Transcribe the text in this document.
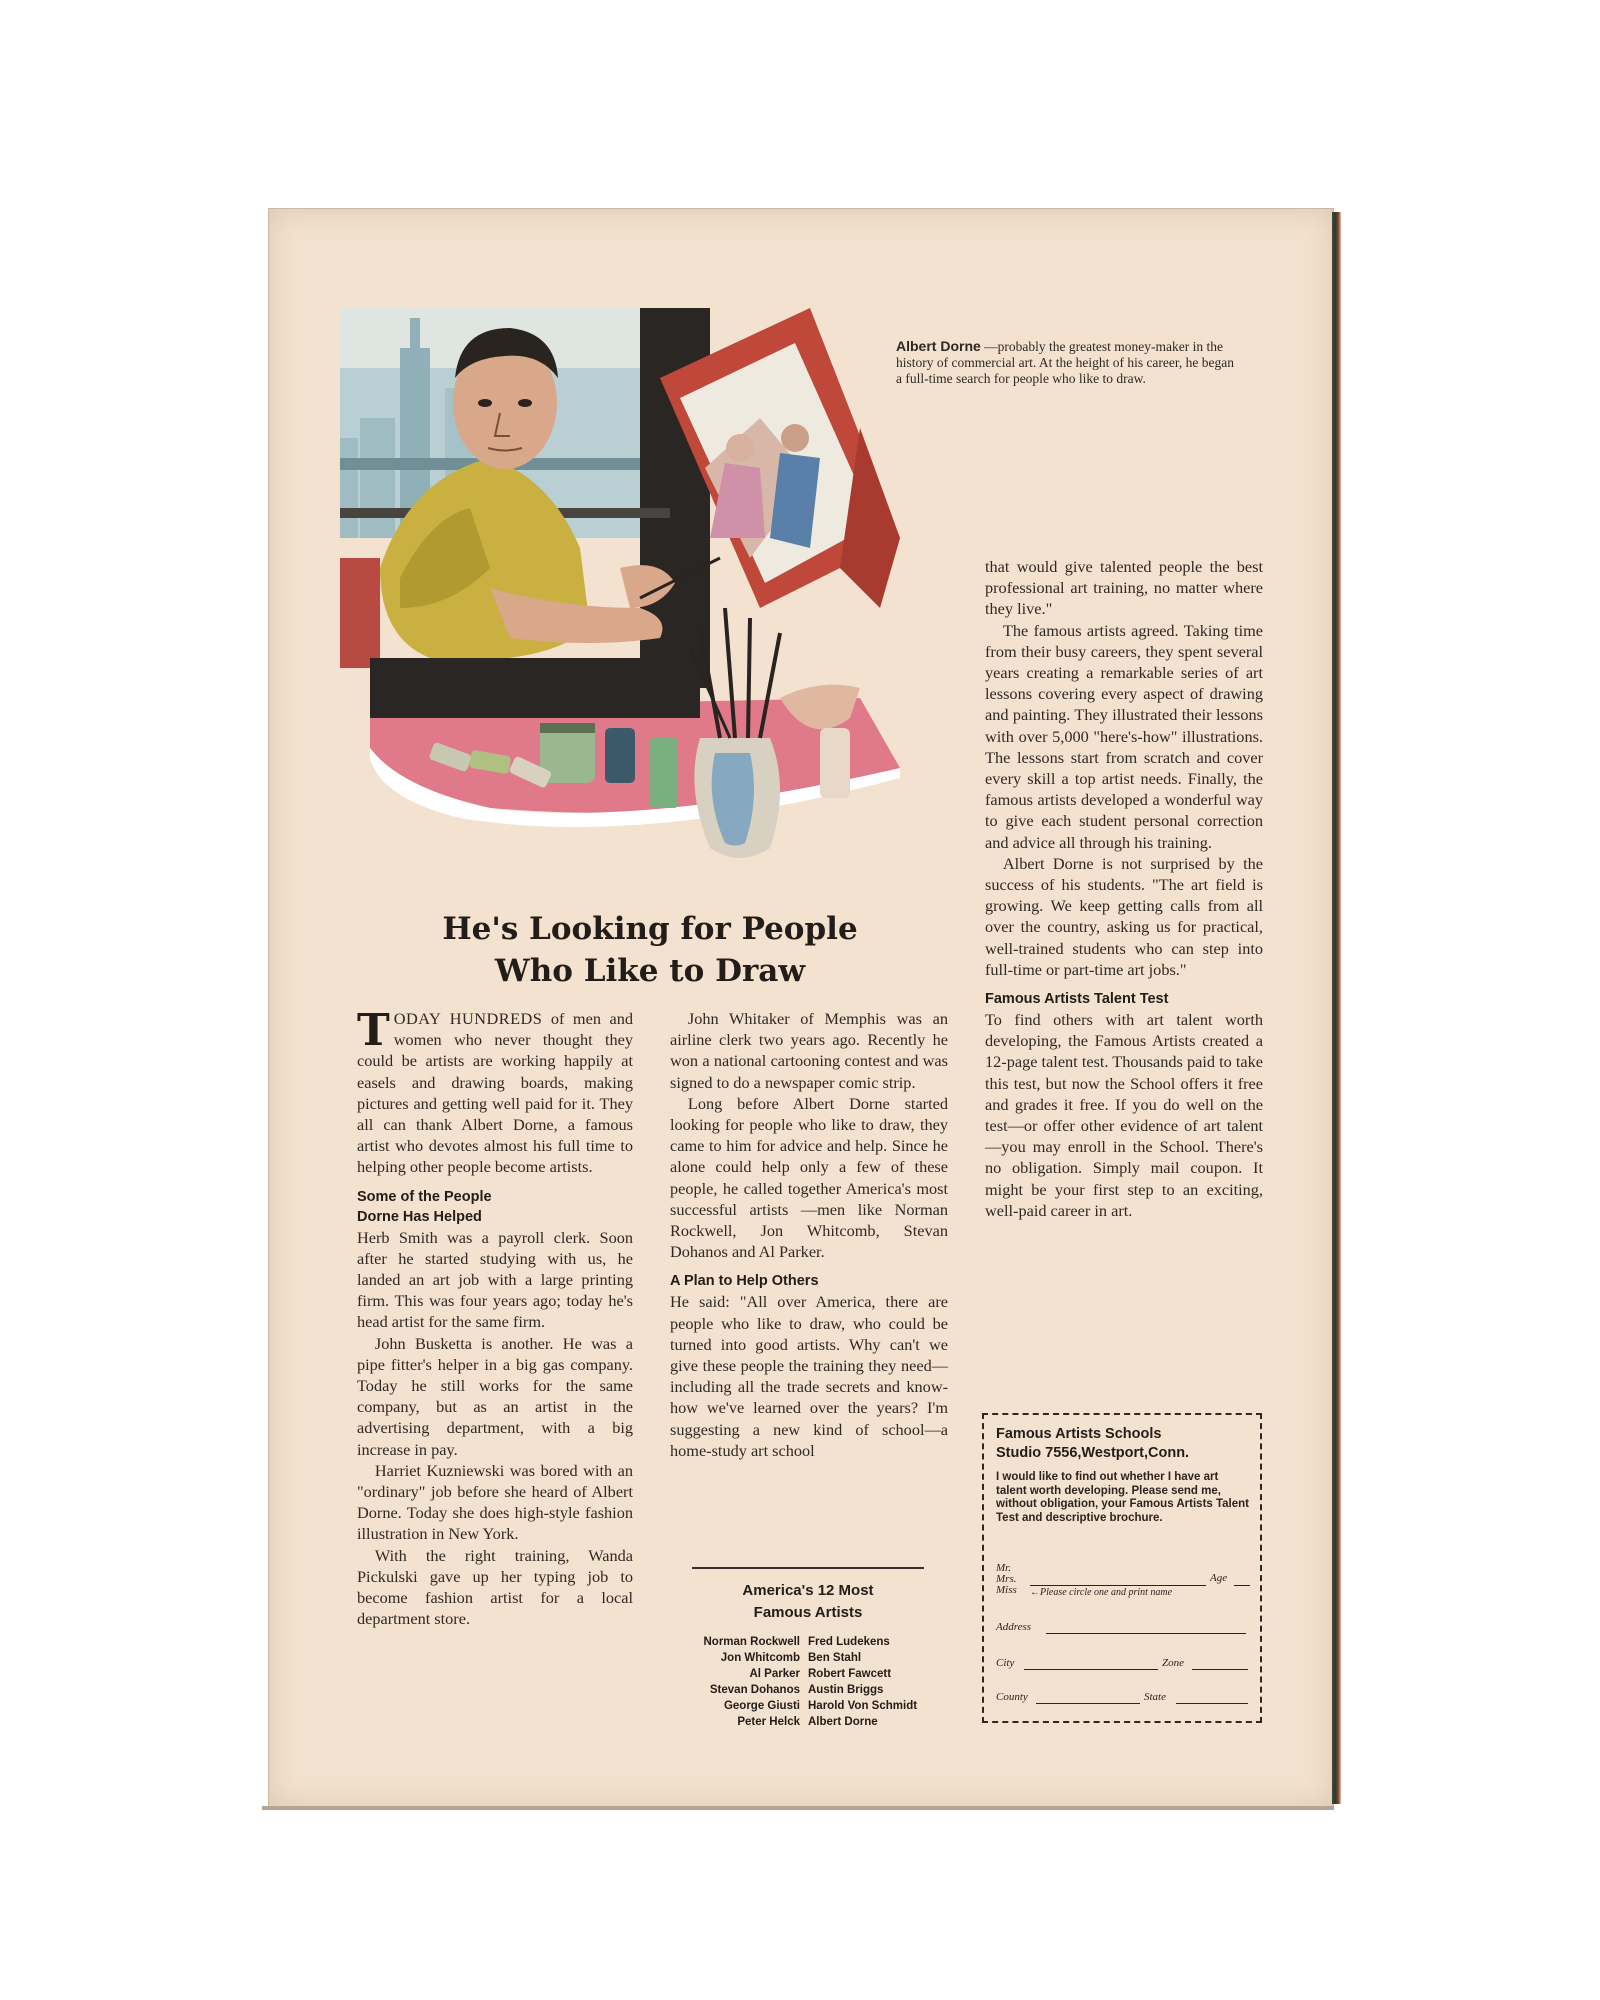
Albert Dorne —probably the greatest money-maker in the history of commercial art. At the height of his career, he began a full-time search for people who like to draw.
He's Looking for People
Who Like to Draw

TODAY HUNDREDS of men and women who never thought they could be artists are working happily at easels and drawing boards, making pictures and getting well paid for it. They all can thank Albert Dorne, a famous artist who devotes almost his full time to helping other people become artists.

Some of the People
Dorne Has Helped

Herb Smith was a payroll clerk. Soon after he started studying with us, he landed an art job with a large printing firm. This was four years ago; today he's head artist for the same firm.

John Busketta is another. He was a pipe fitter's helper in a big gas company. Today he still works for the same company, but as an artist in the advertising department, with a big increase in pay.

Harriet Kuzniewski was bored with an "ordinary" job before she heard of Albert Dorne. Today she does high-style fashion illustration in New York.

With the right training, Wanda Pickulski gave up her typing job to become fashion artist for a local department store.

John Whitaker of Memphis was an airline clerk two years ago. Recently he won a national cartooning contest and was signed to do a newspaper comic strip.

Long before Albert Dorne started looking for people who like to draw, they came to him for advice and help. Since he alone could help only a few of these people, he called together America's most successful artists —men like Norman Rockwell, Jon Whitcomb, Stevan Dohanos and Al Parker.

A Plan to Help Others

He said: "All over America, there are people who like to draw, who could be turned into good artists. Why can't we give these people the training they need—including all the trade secrets and know-how we've learned over the years? I'm suggesting a new kind of school—a home-study art school

that would give talented people the best professional art training, no matter where they live."

The famous artists agreed. Taking time from their busy careers, they spent several years creating a remarkable series of art lessons covering every aspect of drawing and painting. They illustrated their lessons with over 5,000 "here's-how" illustrations. The lessons start from scratch and cover every skill a top artist needs. Finally, the famous artists developed a wonderful way to give each student personal correction and advice all through his training.

Albert Dorne is not surprised by the success of his students. "The art field is growing. We keep getting calls from all over the country, asking us for practical, well-trained students who can step into full-time or part-time art jobs."

Famous Artists Talent Test

To find others with art talent worth developing, the Famous Artists created a 12-page talent test. Thousands paid to take this test, but now the School offers it free and grades it free. If you do well on the test—or offer other evidence of art talent—you may enroll in the School. There's no obligation. Simply mail coupon. It might be your first step to an exciting, well-paid career in art.

America's 12 Most
Famous Artists
Norman Rockwell Fred Ludekens
Jon Whitcomb Ben Stahl
Al Parker Robert Fawcett
Stevan Dohanos Austin Briggs
George Giusti Harold Von Schmidt
Peter Helck Albert Dorne
Famous Artists Schools
Studio 7556,Westport,Conn.
I would like to find out whether I have art talent worth developing. Please send me, without obligation, your Famous Artists Talent Test and descriptive brochure.
Mr.
Mrs.
Miss
Age
←Please circle one and print name
Address
City	Zone
County	State
